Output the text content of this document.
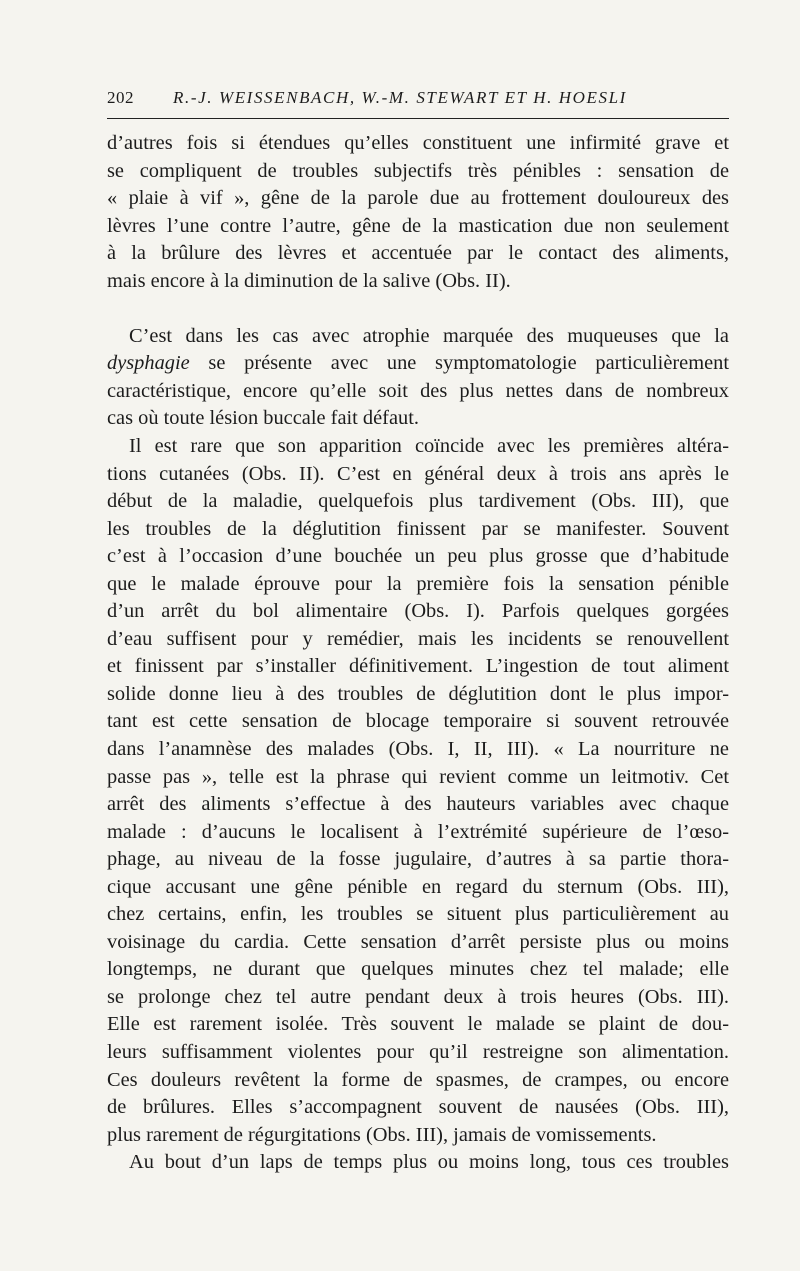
202 R.-J. WEISSENBACH, W.-M. STEWART ET H. HOESLI
d’autres fois si étendues qu’elles constituent une infirmité grave et
se compliquent de troubles subjectifs très pénibles : sensation de
« plaie à vif », gêne de la parole due au frottement douloureux des
lèvres l’une contre l’autre, gêne de la mastication due non seulement
à la brûlure des lèvres et accentuée par le contact des aliments,
mais encore à la diminution de la salive (Obs. II).
C’est dans les cas avec atrophie marquée des muqueuses que la
dysphagie se présente avec une symptomatologie particulièrement
caractéristique, encore qu’elle soit des plus nettes dans de nombreux
cas où toute lésion buccale fait défaut.
Il est rare que son apparition coïncide avec les premières altéra-
tions cutanées (Obs. II). C’est en général deux à trois ans après le
début de la maladie, quelquefois plus tardivement (Obs. III), que
les troubles de la déglutition finissent par se manifester. Souvent
c’est à l’occasion d’une bouchée un peu plus grosse que d’habitude
que le malade éprouve pour la première fois la sensation pénible
d’un arrêt du bol alimentaire (Obs. I). Parfois quelques gorgées
d’eau suffisent pour y remédier, mais les incidents se renouvellent
et finissent par s’installer définitivement. L’ingestion de tout aliment
solide donne lieu à des troubles de déglutition dont le plus impor-
tant est cette sensation de blocage temporaire si souvent retrouvée
dans l’anamnèse des malades (Obs. I, II, III). « La nourriture ne
passe pas », telle est la phrase qui revient comme un leitmotiv. Cet
arrêt des aliments s’effectue à des hauteurs variables avec chaque
malade : d’aucuns le localisent à l’extrémité supérieure de l’œso-
phage, au niveau de la fosse jugulaire, d’autres à sa partie thora-
cique accusant une gêne pénible en regard du sternum (Obs. III),
chez certains, enfin, les troubles se situent plus particulièrement au
voisinage du cardia. Cette sensation d’arrêt persiste plus ou moins
longtemps, ne durant que quelques minutes chez tel malade; elle
se prolonge chez tel autre pendant deux à trois heures (Obs. III).
Elle est rarement isolée. Très souvent le malade se plaint de dou-
leurs suffisamment violentes pour qu’il restreigne son alimentation.
Ces douleurs revêtent la forme de spasmes, de crampes, ou encore
de brûlures. Elles s’accompagnent souvent de nausées (Obs. III),
plus rarement de régurgitations (Obs. III), jamais de vomissements.
Au bout d’un laps de temps plus ou moins long, tous ces troubles
